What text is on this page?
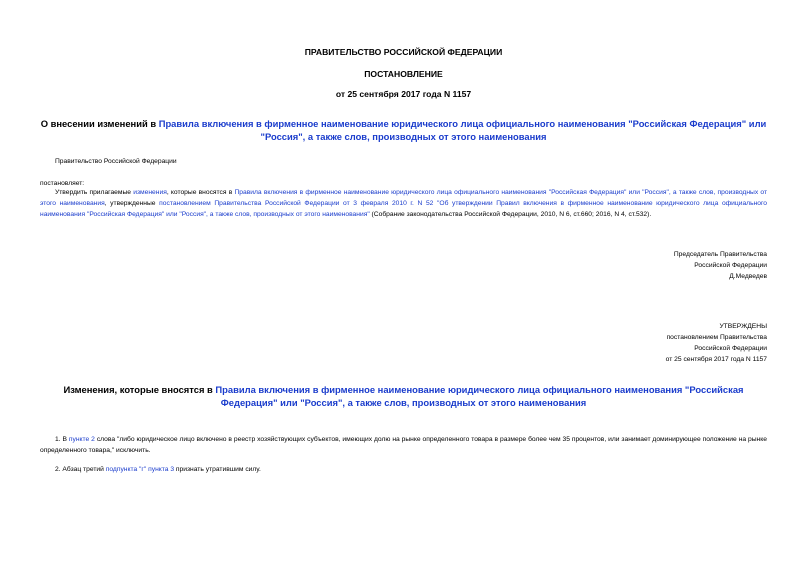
ПРАВИТЕЛЬСТВО РОССИЙСКОЙ ФЕДЕРАЦИИ
ПОСТАНОВЛЕНИЕ
от 25 сентября 2017 года N 1157
О внесении изменений в Правила включения в фирменное наименование юридического лица официального наименования "Российская Федерация" или "Россия", а также слов, производных от этого наименования
Правительство Российской Федерации
постановляет:
Утвердить прилагаемые изменения, которые вносятся в Правила включения в фирменное наименование юридического лица официального наименования "Российская Федерация" или "Россия", а также слов, производных от этого наименования, утвержденные постановлением Правительства Российской Федерации от 3 февраля 2010 г. N 52 "Об утверждении Правил включения в фирменное наименование юридического лица официального наименования "Российская Федерация" или "Россия", а также слов, производных от этого наименования" (Собрание законодательства Российской Федерации, 2010, N 6, ст.660; 2016, N 4, ст.532).
Председатель Правительства
Российской Федерации
Д.Медведев
УТВЕРЖДЕНЫ
постановлением Правительства
Российской Федерации
от 25 сентября 2017 года N 1157
Изменения, которые вносятся в Правила включения в фирменное наименование юридического лица официального наименования "Российская Федерация" или "Россия", а также слов, производных от этого наименования
1. В пункте 2 слова "либо юридическое лицо включено в реестр хозяйствующих субъектов, имеющих долю на рынке определенного товара в размере более чем 35 процентов, или занимает доминирующее положение на рынке определенного товара," исключить.
2. Абзац третий подпункта "г" пункта 3 признать утратившим силу.
